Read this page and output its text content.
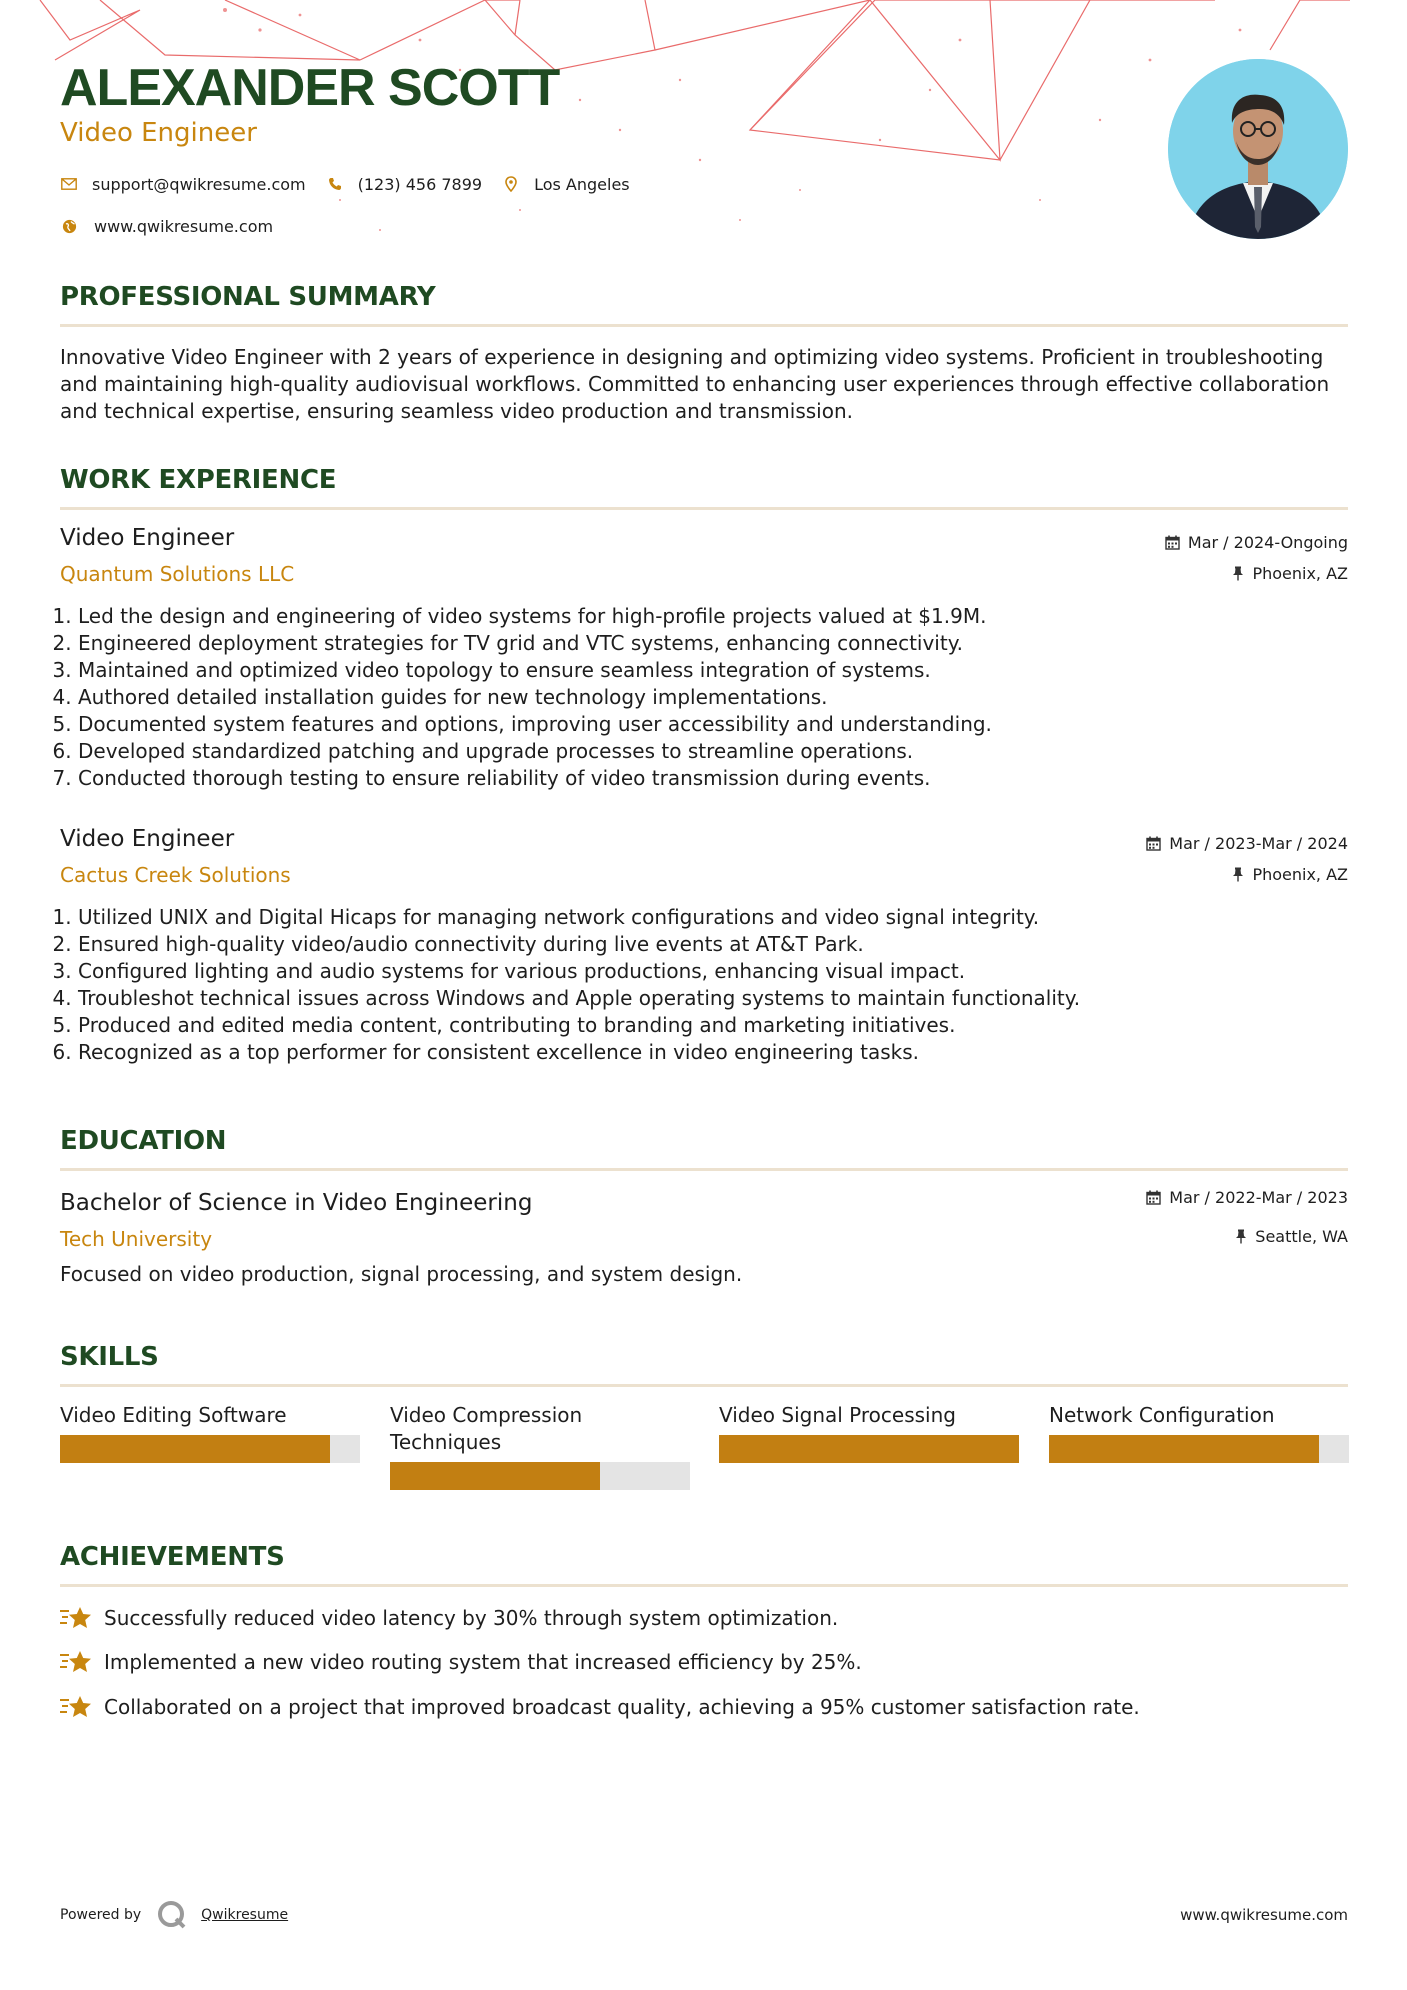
ALEXANDER SCOTT

Video Engineer

support@qwikresume.com	(123) 456 7899	Los Angeles
www.qwikresume.com
PROFESSIONAL SUMMARY

Innovative Video Engineer with 2 years of experience in designing and optimizing video systems. Proficient in troubleshooting and maintaining high-quality audiovisual workflows. Committed to enhancing user experiences through effective collaboration and technical expertise, ensuring seamless video production and transmission.

WORK EXPERIENCE

Video Engineer

Quantum Solutions LLC

Mar / 2024-Ongoing
Phoenix, AZ
1. Led the design and engineering of video systems for high-profile projects valued at $1.9M.
2. Engineered deployment strategies for TV grid and VTC systems, enhancing connectivity.
3. Maintained and optimized video topology to ensure seamless integration of systems.
4. Authored detailed installation guides for new technology implementations.
5. Documented system features and options, improving user accessibility and understanding.
6. Developed standardized patching and upgrade processes to streamline operations.
7. Conducted thorough testing to ensure reliability of video transmission during events.

Video Engineer

Cactus Creek Solutions

Mar / 2023-Mar / 2024
Phoenix, AZ
1. Utilized UNIX and Digital Hicaps for managing network configurations and video signal integrity.
2. Ensured high-quality video/audio connectivity during live events at AT&T Park.
3. Configured lighting and audio systems for various productions, enhancing visual impact.
4. Troubleshot technical issues across Windows and Apple operating systems to maintain functionality.
5. Produced and edited media content, contributing to branding and marketing initiatives.
6. Recognized as a top performer for consistent excellence in video engineering tasks.
EDUCATION

Bachelor of Science in Video Engineering

Tech University

Mar / 2022-Mar / 2023
Seattle, WA

Focused on video production, signal processing, and system design.

SKILLS

Video Editing Software	Video Compression Techniques

Video Signal Processing	Network Configuration

ACHIEVEMENTS
Successfully reduced video latency by 30% through system optimization.
Implemented a new video routing system that increased efficiency by 25%.
Collaborated on a project that improved broadcast quality, achieving a 95% customer satisfaction rate.
Powered by	Qwikresume	www.qwikresume.com
